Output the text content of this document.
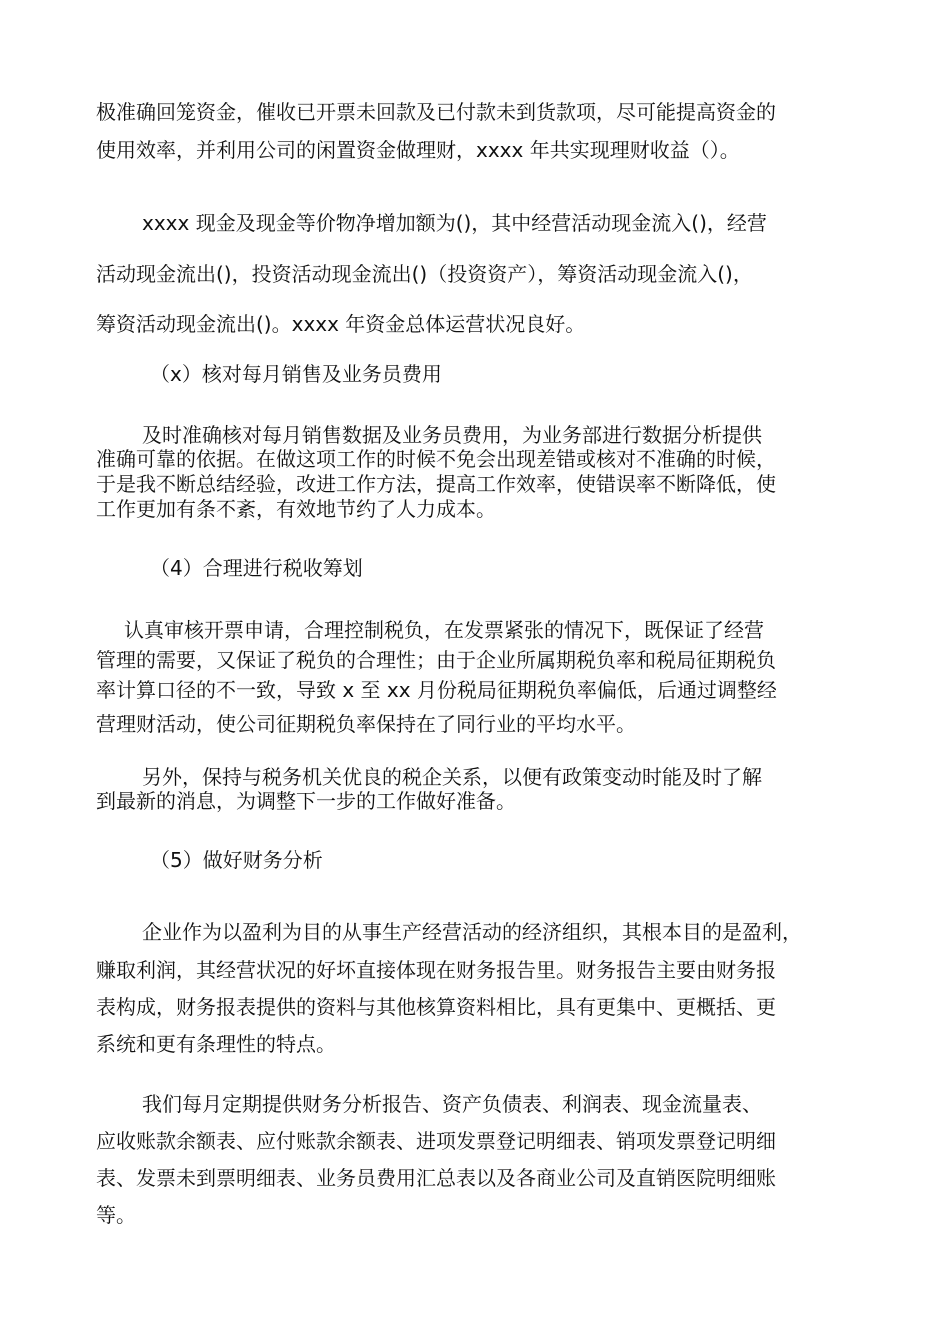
极准确回笼资金，催收已开票未回款及已付款未到货款项，尽可能提高资金的
使用效率，并利用公司的闲置资金做理财，xxxx 年共实现理财收益（）。
xxxx 现金及现金等价物净增加额为()，其中经营活动现金流入()，经营
活动现金流出()，投资活动现金流出()（投资资产），筹资活动现金流入()，
筹资活动现金流出()。xxxx 年资金总体运营状况良好。
（x）核对每月销售及业务员费用
及时准确核对每月销售数据及业务员费用，为业务部进行数据分析提供
准确可靠的依据。在做这项工作的时候不免会出现差错或核对不准确的时候，
于是我不断总结经验，改进工作方法，提高工作效率，使错误率不断降低，使
工作更加有条不紊，有效地节约了人力成本。
（4）合理进行税收筹划
认真审核开票申请，合理控制税负，在发票紧张的情况下，既保证了经营
管理的需要，又保证了税负的合理性；由于企业所属期税负率和税局征期税负
率计算口径的不一致，导致 x 至 xx 月份税局征期税负率偏低，后通过调整经
营理财活动，使公司征期税负率保持在了同行业的平均水平。
另外，保持与税务机关优良的税企关系，以便有政策变动时能及时了解
到最新的消息，为调整下一步的工作做好准备。
（5）做好财务分析
企业作为以盈利为目的从事生产经营活动的经济组织，其根本目的是盈利，
赚取利润，其经营状况的好坏直接体现在财务报告里。财务报告主要由财务报
表构成，财务报表提供的资料与其他核算资料相比，具有更集中、更概括、更
系统和更有条理性的特点。
我们每月定期提供财务分析报告、资产负债表、利润表、现金流量表、
应收账款余额表、应付账款余额表、进项发票登记明细表、销项发票登记明细
表、发票未到票明细表、业务员费用汇总表以及各商业公司及直销医院明细账
等。
